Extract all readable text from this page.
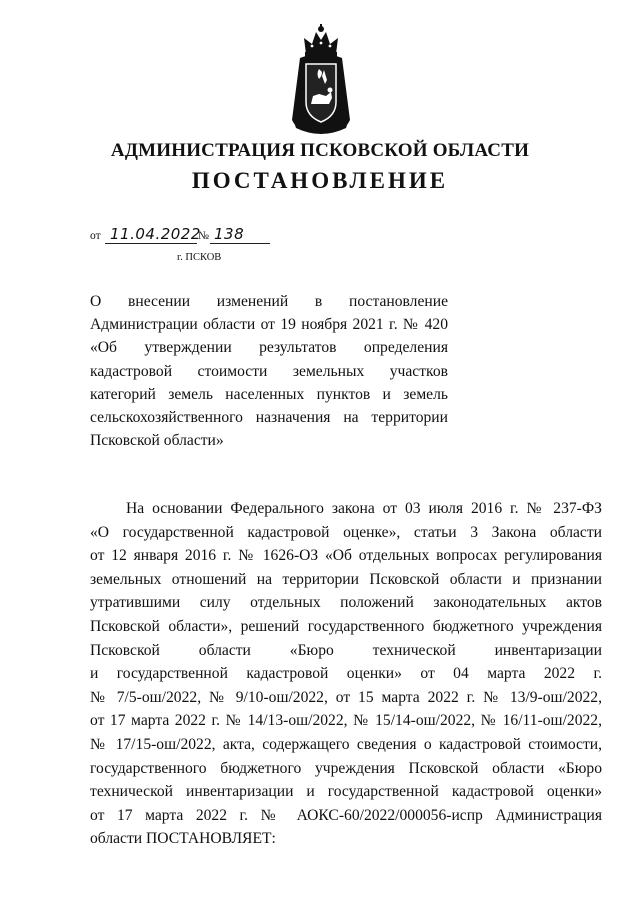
АДМИНИСТРАЦИЯ ПСКОВСКОЙ ОБЛАСТИ
ПОСТАНОВЛЕНИЕ
от 11.04.2022
№ 138
г. ПСКОВ
О внесении изменений в постановление
Администрации области от 19 ноября 2021 г. № 420
«Об утверждении результатов определения
кадастровой стоимости земельных участков
категорий земель населенных пунктов и земель
сельскохозяйственного назначения на территории
Псковской области»
На основании Федерального закона от 03 июля 2016 г. № 237-ФЗ
«О государственной кадастровой оценке», статьи 3 Закона области
от 12 января 2016 г. № 1626-ОЗ «Об отдельных вопросах регулирования
земельных отношений на территории Псковской области и признании
утратившими силу отдельных положений законодательных актов
Псковской области», решений государственного бюджетного учреждения
Псковской области «Бюро технической инвентаризации
и государственной кадастровой оценки» от 04 марта 2022 г.
№ 7/5-ош/2022, № 9/10-ош/2022, от 15 марта 2022 г. № 13/9-ош/2022,
от 17 марта 2022 г. № 14/13-ош/2022, № 15/14-ош/2022, № 16/11-ош/2022,
№ 17/15-ош/2022, акта, содержащего сведения о кадастровой стоимости,
государственного бюджетного учреждения Псковской области «Бюро
технической инвентаризации и государственной кадастровой оценки»
от 17 марта 2022 г. № АОКС-60/2022/000056-испр Администрация
области ПОСТАНОВЛЯЕТ:
